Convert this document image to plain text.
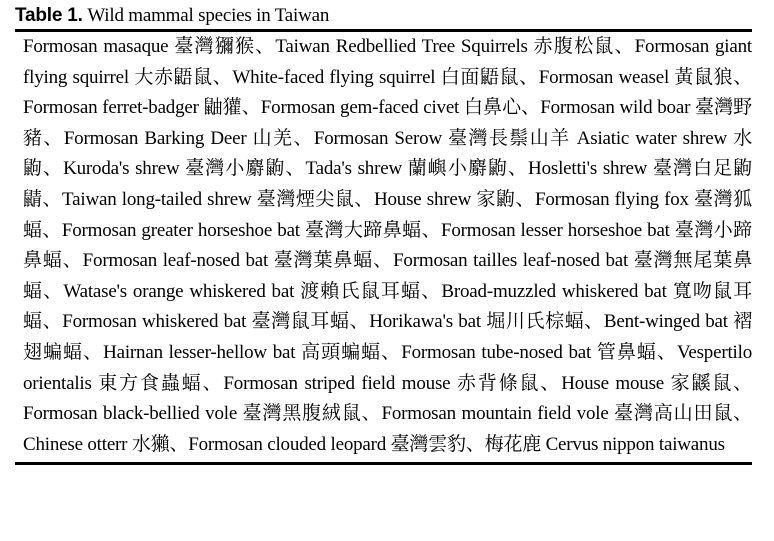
Table 1. Wild mammal species in Taiwan
Formosan masaque 臺灣獼猴、Taiwan Redbellied Tree Squirrels 赤腹松鼠、Formosan giant flying squirrel 大赤鼯鼠、White-faced flying squirrel 白面鼯鼠、Formosan weasel 黃鼠狼、Formosan ferret-badger 鼬獾、Formosan gem-faced civet 白鼻心、Formosan wild boar 臺灣野豬、Formosan Barking Deer 山羌、Formosan Serow 臺灣長鬃山羊 Asiatic water shrew 水鼩、Kuroda's shrew 臺灣小麝鼩、Tada's shrew 蘭嶼小麝鼩、Hosletti's shrew 臺灣白足鼩鼱、Taiwan long-tailed shrew 臺灣煙尖鼠、House shrew 家鼩、Formosan flying fox 臺灣狐蝠、Formosan greater horseshoe bat 臺灣大蹄鼻蝠、Formosan lesser horseshoe bat 臺灣小蹄鼻蝠、Formosan leaf-nosed bat 臺灣葉鼻蝠、Formosan tailles leaf-nosed bat 臺灣無尾葉鼻蝠、Watase's orange whiskered bat 渡賴氏鼠耳蝠、Broad-muzzled whiskered bat 寬吻鼠耳蝠、Formosan whiskered bat 臺灣鼠耳蝠、Horikawa's bat 堀川氏棕蝠、Bent-winged bat 褶翅蝙蝠、Hairnan lesser-hellow bat 高頭蝙蝠、Formosan tube-nosed bat 管鼻蝠、Vespertilo orientalis 東方食蟲蝠、Formosan striped field mouse 赤背條鼠、House mouse 家鼷鼠、Formosan black-bellied vole 臺灣黑腹絨鼠、Formosan mountain field vole 臺灣高山田鼠、Chinese otterr 水獺、Formosan clouded leopard 臺灣雲豹、梅花鹿 Cervus nippon taiwanus
